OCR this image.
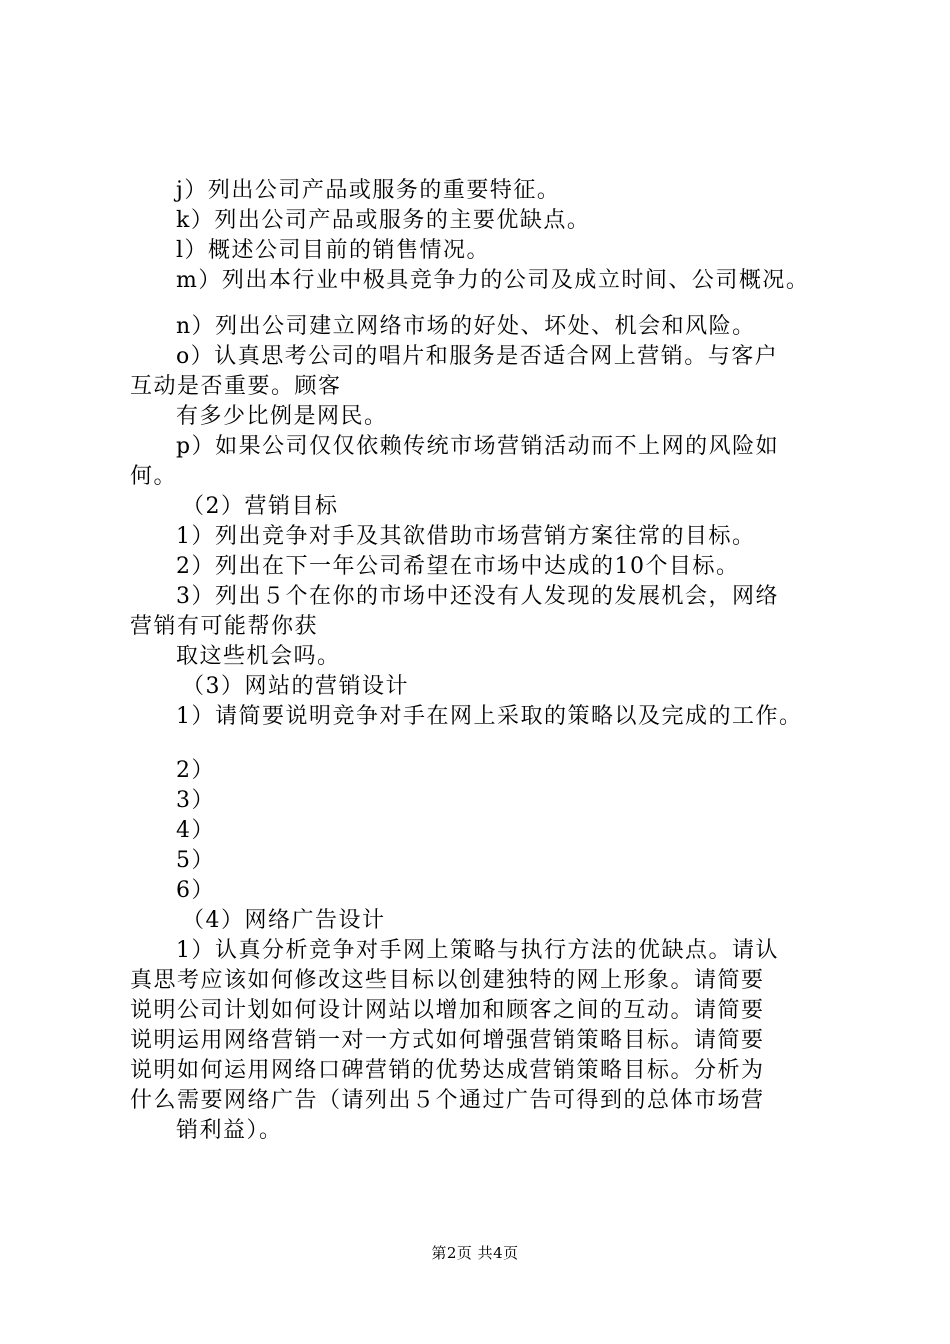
j）列出公司产品或服务的重要特征。
k）列出公司产品或服务的主要优缺点。
l）概述公司目前的销售情况。
m）列出本行业中极具竞争力的公司及成立时间、公司概况。
n）列出公司建立网络市场的好处、坏处、机会和风险。
o）认真思考公司的唱片和服务是否适合网上营销。与客户
互动是否重要。顾客
有多少比例是网民。
p）如果公司仅仅依赖传统市场营销活动而不上网的风险如
何。
（2）营销目标
1）列出竞争对手及其欲借助市场营销方案往常的目标。
2）列出在下一年公司希望在市场中达成的10个目标。
3）列出５个在你的市场中还没有人发现的发展机会，网络
营销有可能帮你获
取这些机会吗。
（3）网站的营销设计
1）请简要说明竞争对手在网上采取的策略以及完成的工作。
2）
3）
4）
5）
6）
（4）网络广告设计
1）认真分析竞争对手网上策略与执行方法的优缺点。请认
真思考应该如何修改这些目标以创建独特的网上形象。请简要
说明公司计划如何设计网站以增加和顾客之间的互动。请简要
说明运用网络营销一对一方式如何增强营销策略目标。请简要
说明如何运用网络口碑营销的优势达成营销策略目标。分析为
什么需要网络广告（请列出５个通过广告可得到的总体市场营
销利益）。
第2页 共4页
